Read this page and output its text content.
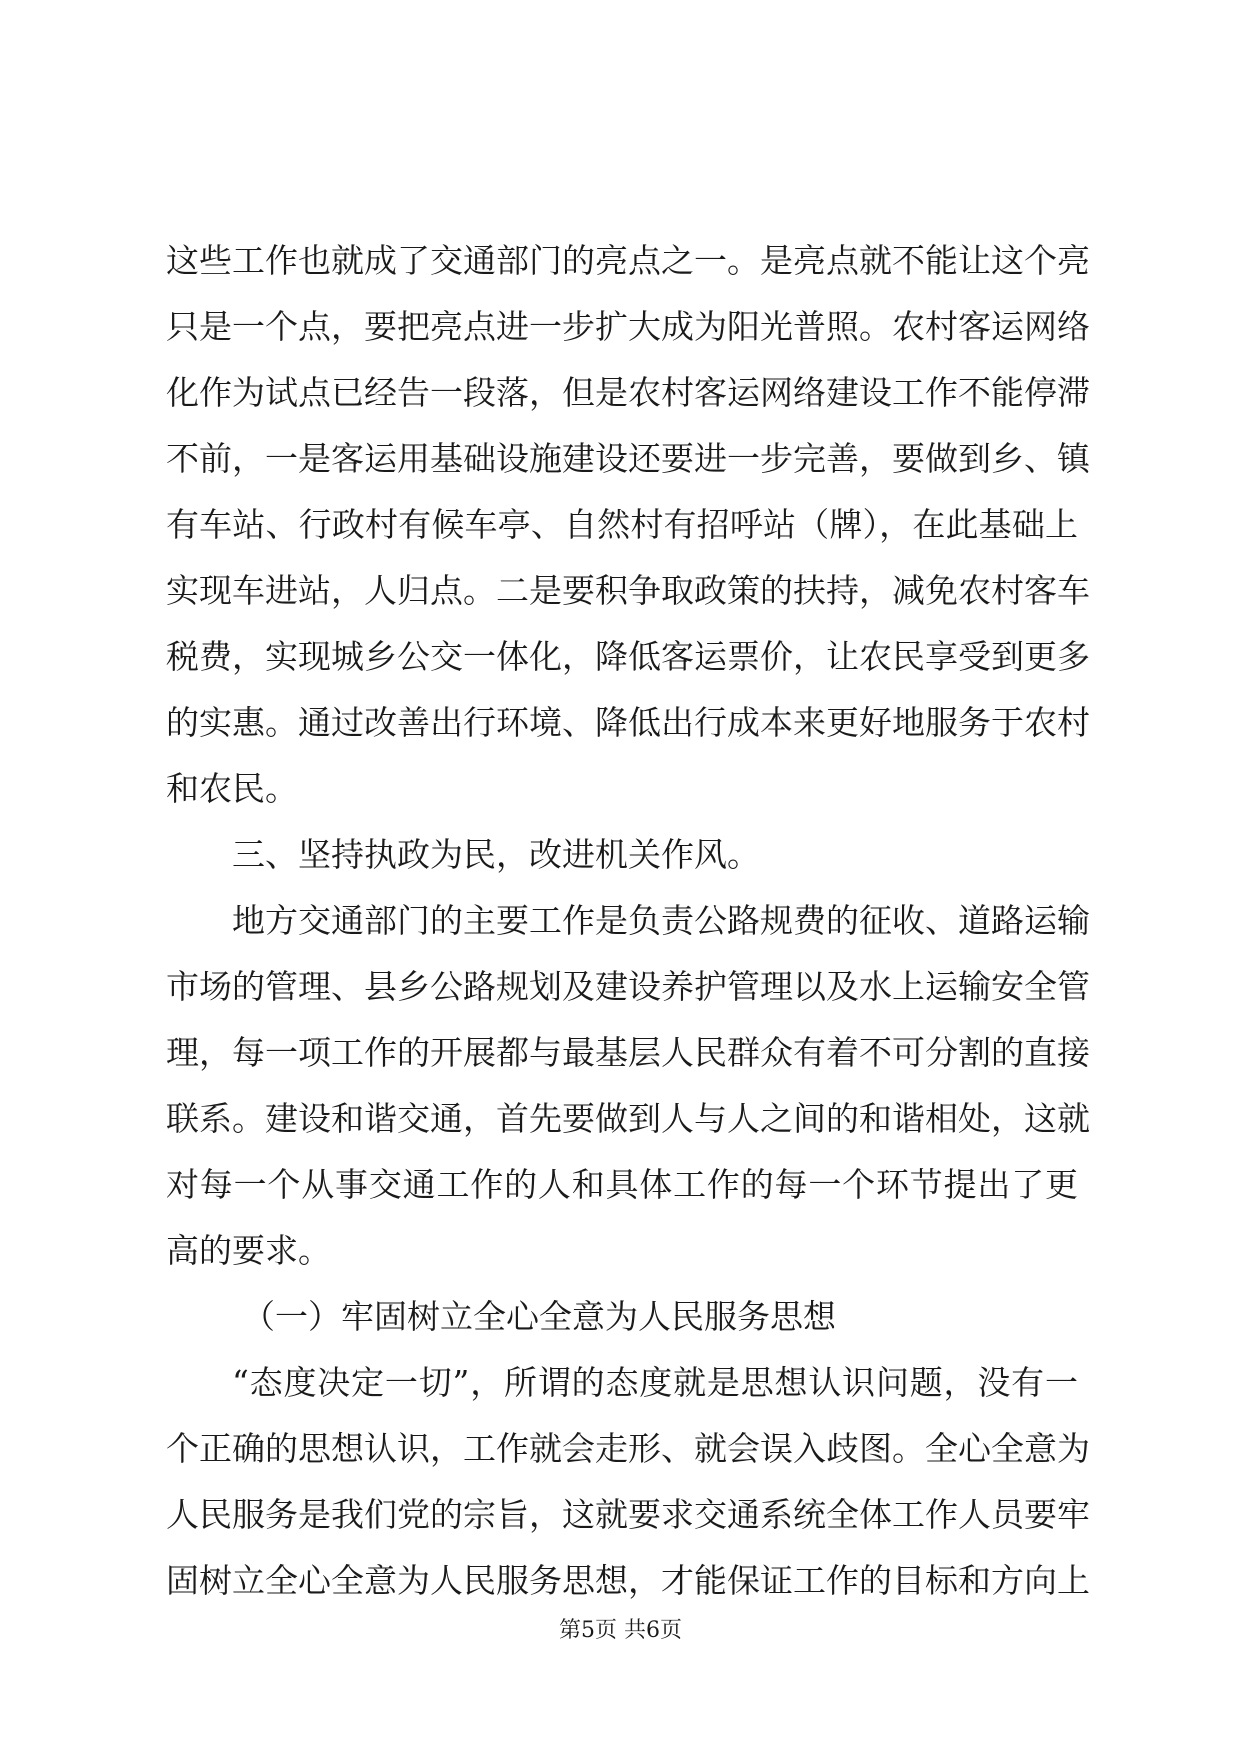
这些工作也就成了交通部门的亮点之一。是亮点就不能让这个亮
只是一个点，要把亮点进一步扩大成为阳光普照。农村客运网络
化作为试点已经告一段落，但是农村客运网络建设工作不能停滞
不前，一是客运用基础设施建设还要进一步完善，要做到乡、镇
有车站、行政村有候车亭、自然村有招呼站（牌），在此基础上
实现车进站，人归点。二是要积争取政策的扶持，减免农村客车
税费，实现城乡公交一体化，降低客运票价，让农民享受到更多
的实惠。通过改善出行环境、降低出行成本来更好地服务于农村
和农民。
三、坚持执政为民，改进机关作风。
地方交通部门的主要工作是负责公路规费的征收、道路运输
市场的管理、县乡公路规划及建设养护管理以及水上运输安全管
理，每一项工作的开展都与最基层人民群众有着不可分割的直接
联系。建设和谐交通，首先要做到人与人之间的和谐相处，这就
对每一个从事交通工作的人和具体工作的每一个环节提出了更
高的要求。
（一）牢固树立全心全意为人民服务思想
“态度决定一切”，所谓的态度就是思想认识问题，没有一
个正确的思想认识，工作就会走形、就会误入歧图。全心全意为
人民服务是我们党的宗旨，这就要求交通系统全体工作人员要牢
固树立全心全意为人民服务思想，才能保证工作的目标和方向上
第5页 共6页
